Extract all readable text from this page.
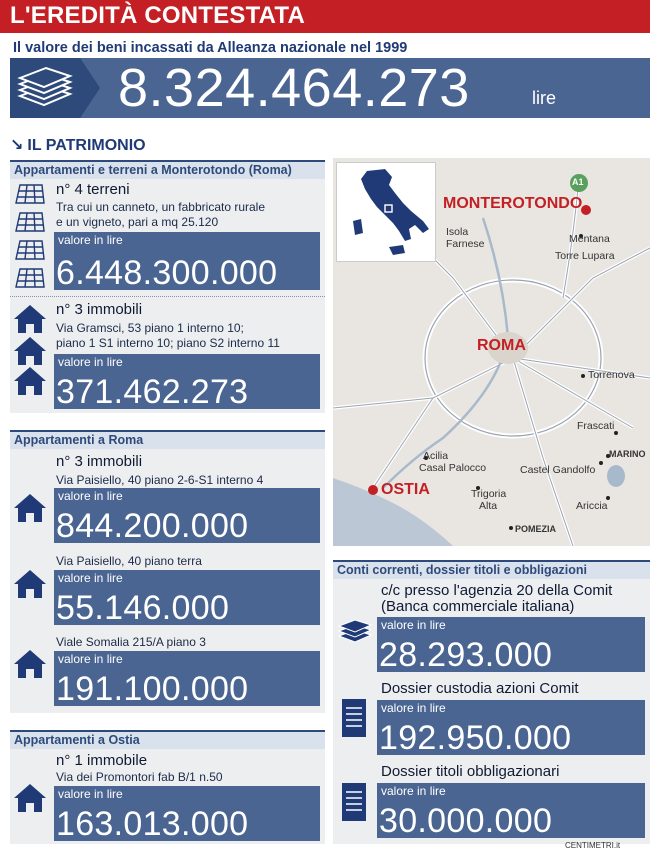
L'EREDITÀ CONTESTATA
Il valore dei beni incassati da Alleanza nazionale nel 1999
8.324.464.273	lire
↘ IL PATRIMONIO
Appartamenti e terreni a Monterotondo (Roma)
n° 4 terreni
Tra cui un canneto, un fabbricato rurale
e un vigneto, pari a mq 25.120
valore in lire
6.448.300.000
n° 3 immobili
Via Gramsci, 53 piano 1 interno 10;
piano 1 S1 interno 10; piano S2 interno 11
valore in lire
371.462.273
Appartamenti a Roma
n° 3 immobili
Via Paisiello, 40 piano 2-6-S1 interno 4
valore in lire
844.200.000
Via Paisiello, 40 piano terra
valore in lire
55.146.000
Viale Somalia 215/A piano 3
valore in lire
191.100.000
Appartamenti a Ostia
n° 1 immobile
Via dei Promontori fab B/1 n.50
valore in lire
163.013.000
A1
MONTEROTONDO
ROMA
OSTIA
Isola
Farnese	Mentana
Torre Lupara
Torrenova
Frascati
Acilia
Casal Palocco	Castel Gandolfo
MARINO
Trigoria
Alta	Ariccia
POMEZIA
Conti correnti, dossier titoli e obbligazioni
c/c presso l'agenzia 20 della Comit
(Banca commerciale italiana)
valore in lire
28.293.000
Dossier custodia azioni Comit
valore in lire
192.950.000
Dossier titoli obbligazionari
valore in lire
30.000.000
CENTIMETRI.it
